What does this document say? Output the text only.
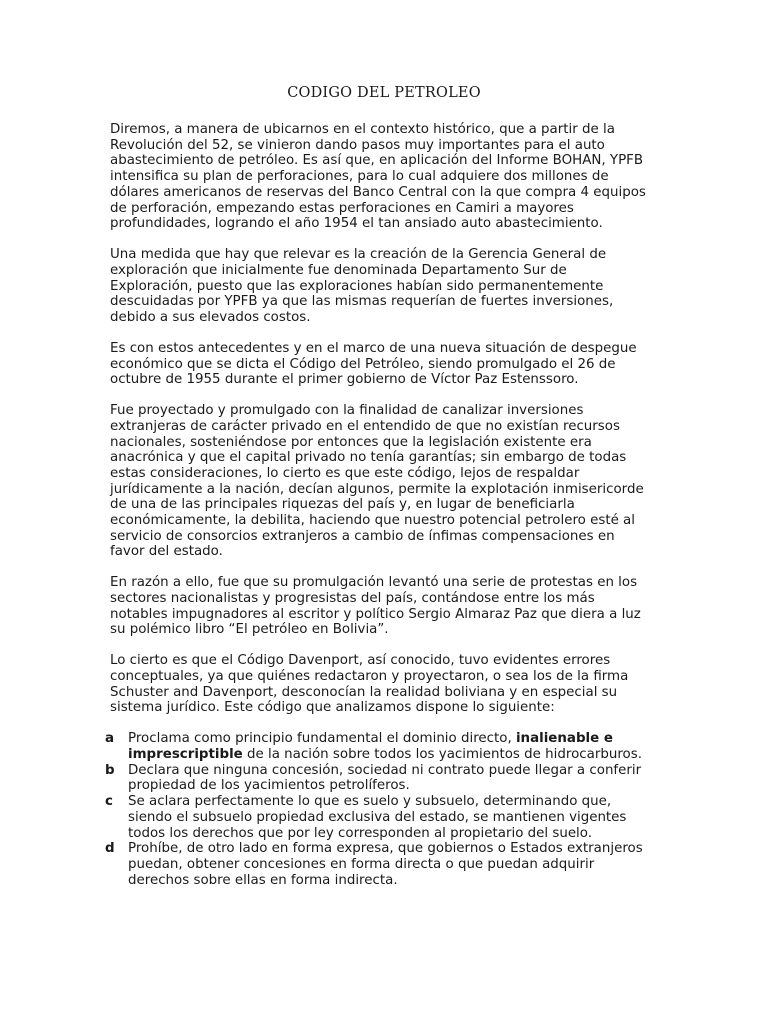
CODIGO DEL PETROLEO

Diremos, a manera de ubicarnos en el contexto histórico, que a partir de la Revolución del 52, se vinieron dando pasos muy importantes para el auto abastecimiento de petróleo. Es así que, en aplicación del Informe BOHAN, YPFB intensifica su plan de perforaciones, para lo cual adquiere dos millones de dólares americanos de reservas del Banco Central con la que compra 4 equipos de perforación, empezando estas perforaciones en Camiri a mayores profundidades, logrando el año 1954 el tan ansiado auto abastecimiento.

Una medida que hay que relevar es la creación de la Gerencia General de exploración que inicialmente fue denominada Departamento Sur de Exploración, puesto que las exploraciones habían sido permanentemente descuidadas por YPFB ya que las mismas requerían de fuertes inversiones, debido a sus elevados costos.

Es con estos antecedentes y en el marco de una nueva situación de despegue económico que se dicta el Código del Petróleo, siendo promulgado el 26 de octubre de 1955 durante el primer gobierno de Víctor Paz Estenssoro.

Fue proyectado y promulgado con la finalidad de canalizar inversiones extranjeras de carácter privado en el entendido de que no existían recursos nacionales, sosteniéndose por entonces que la legislación existente era anacrónica y que el capital privado no tenía garantías; sin embargo de todas estas consideraciones, lo cierto es que este código, lejos de respaldar jurídicamente a la nación, decían algunos, permite la explotación inmisericorde de una de las principales riquezas del país y, en lugar de beneficiarla económicamente, la debilita, haciendo que nuestro potencial petrolero esté al servicio de consorcios extranjeros a cambio de ínfimas compensaciones en favor del estado.

En razón a ello, fue que su promulgación levantó una serie de protestas en los sectores nacionalistas y progresistas del país, contándose entre los más notables impugnadores al escritor y político Sergio Almaraz Paz que diera a luz su polémico libro “El petróleo en Bolivia”.

Lo cierto es que el Código Davenport, así conocido, tuvo evidentes errores conceptuales, ya que quiénes redactaron y proyectaron, o sea los de la firma Schuster and Davenport, desconocían la realidad boliviana y en especial su sistema jurídico. Este código que analizamos dispone lo siguiente:

a Proclama como principio fundamental el dominio directo, inalienable e imprescriptible de la nación sobre todos los yacimientos de hidrocarburos.
b Declara que ninguna concesión, sociedad ni contrato puede llegar a conferir propiedad de los yacimientos petrolíferos.
c Se aclara perfectamente lo que es suelo y subsuelo, determinando que, siendo el subsuelo propiedad exclusiva del estado, se mantienen vigentes todos los derechos que por ley corresponden al propietario del suelo.
d Prohíbe, de otro lado en forma expresa, que gobiernos o Estados extranjeros puedan, obtener concesiones en forma directa o que puedan adquirir derechos sobre ellas en forma indirecta.
